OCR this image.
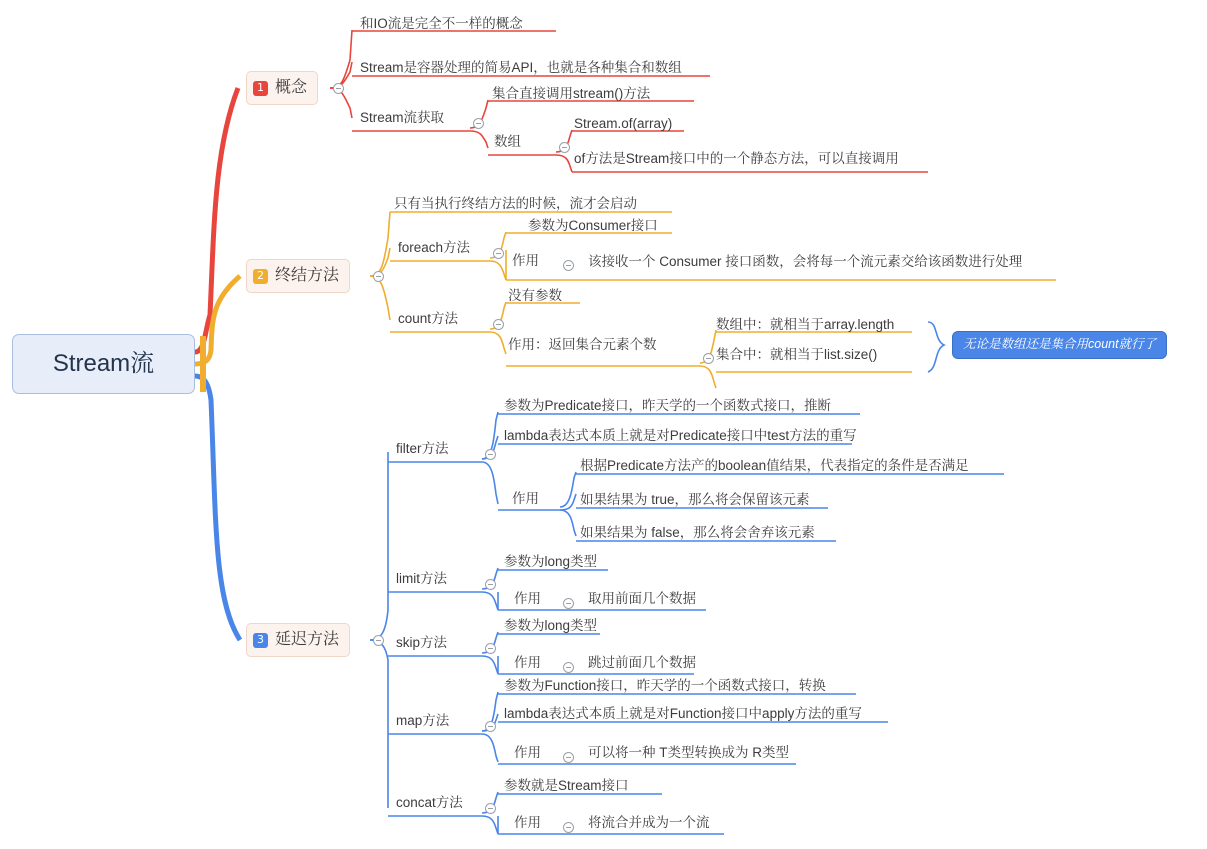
Stream流
1 概念
和IO流是完全不一样的概念
Stream是容器处理的简易API，也就是各种集合和数组
Stream流获取
集合直接调用stream()方法
数组
Stream.of(array)
of方法是Stream接口中的一个静态方法，可以直接调用
2 终结方法
只有当执行终结方法的时候，流才会启动
foreach方法
参数为Consumer接口
作用	该接收一个 Consumer 接口函数，会将每一个流元素交给该函数进行处理
count方法
没有参数
作用：返回集合元素个数
数组中：就相当于array.length
集合中：就相当于list.size()
无论是数组还是集合用count就行了
3 延迟方法
filter方法
参数为Predicate接口，昨天学的一个函数式接口，推断
lambda表达式本质上就是对Predicate接口中test方法的重写
作用
根据Predicate方法产的boolean值结果，代表指定的条件是否满足
如果结果为 true，那么将会保留该元素
如果结果为 false，那么将会舍弃该元素
limit方法
参数为long类型
作用	取用前面几个数据
skip方法
参数为long类型
作用	跳过前面几个数据
map方法
参数为Function接口，昨天学的一个函数式接口，转换
lambda表达式本质上就是对Function接口中apply方法的重写
作用	可以将一种 T类型转换成为 R类型
concat方法
参数就是Stream接口
作用	将流合并成为一个流
